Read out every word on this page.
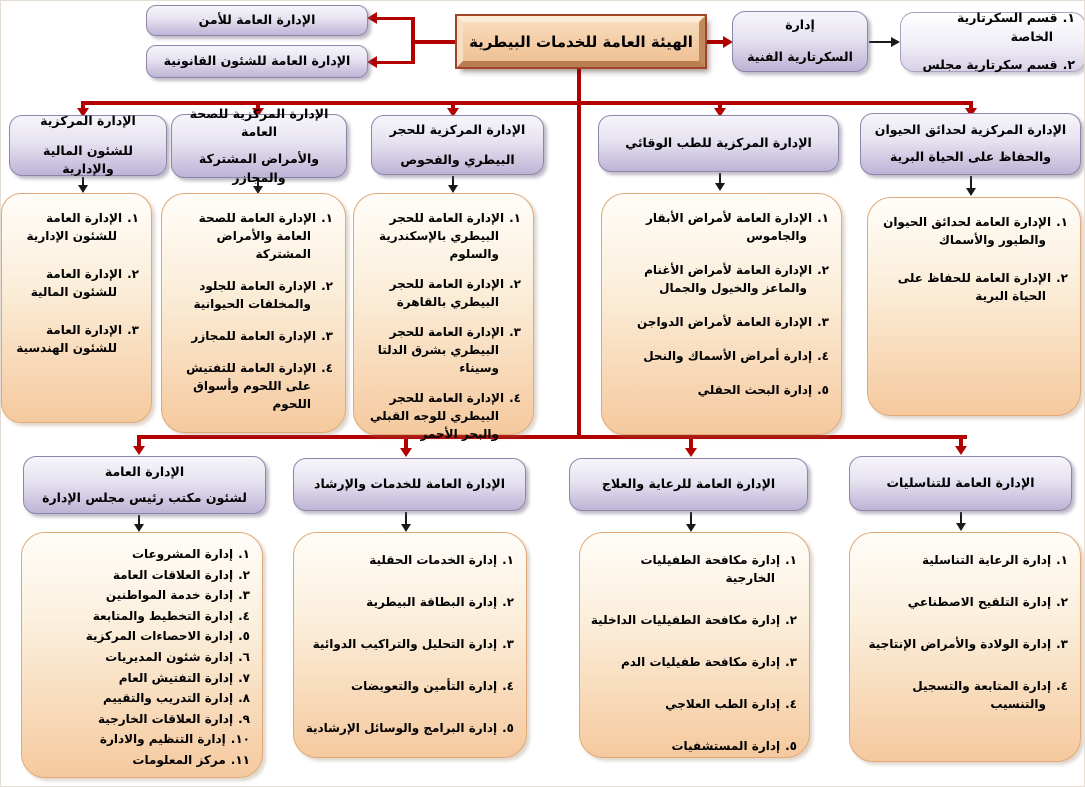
الإدارة العامة للأمن
الإدارة العامة للشئون القانونية
الهيئة العامة للخدمات البيطرية
إدارة
السكرتارية الفنية
١.قسم السكرتارية الخاصة
٢.قسم سكرتارية مجلس
الإدارة المركزية
للشئون المالية والإدارية
الإدارة المركزية للصحة العامة
والأمراض المشتركة والمجازر
الإدارة المركزية للحجر
البيطري والفحوص
الإدارة المركزية للطب الوقائي
الإدارة المركزية لحدائق الحيوان
والحفاظ على الحياة البرية
١.الإدارة العامة للشئون الإدارية
٢.الإدارة العامة للشئون المالية
٣.الإدارة العامة للشئون الهندسية
١.الإدارة العامة للصحة العامة والأمراض المشتركة
٢.الإدارة العامة للجلود والمخلفات الحيوانية
٣.الإدارة العامة للمجازر
٤.الإدارة العامة للتفتيش على اللحوم وأسواق اللحوم
١.الإدارة العامة للحجر البيطري بالإسكندرية والسلوم
٢.الإدارة العامة للحجر البيطري بالقاهرة
٣.الإدارة العامة للحجر البيطري بشرق الدلتا وسيناء
٤.الإدارة العامة للحجر البيطري للوجه القبلي والبحر الأحمر
١.الإدارة العامة لأمراض الأبقار والجاموس
٢.الإدارة العامة لأمراض الأغنام والماعز والخيول والجمال
٣.الإدارة العامة لأمراض الدواجن
٤.إدارة أمراض الأسماك والنحل
٥.إدارة البحث الحقلي
١.الإدارة العامة لحدائق الحيوان والطيور والأسماك
٢.الإدارة العامة للحفاظ على الحياة البرية
الإدارة العامة
لشئون مكتب رئيس مجلس الإدارة
الإدارة العامة للخدمات والإرشاد	الإدارة العامة للرعاية والعلاج	الإدارة العامة للتناسليات
١.إدارة المشروعات
٢.إدارة العلاقات العامة
٣.إدارة خدمة المواطنين
٤.إدارة التخطيط والمتابعة
٥.إدارة الاحصاءات المركزية
٦.إدارة شئون المديريات
٧.إدارة التفتيش العام
٨.إدارة التدريب والتقييم
٩.إدارة العلاقات الخارجية
١٠.إدارة التنظيم والادارة
١١.مركز المعلومات
١.إدارة الخدمات الحقلية
٢.إدارة البطاقة البيطرية
٣.إدارة التحليل والتراكيب الدوائية
٤.إدارة التأمين والتعويضات
٥.إدارة البرامج والوسائل الإرشادية
١.إدارة مكافحة الطفيليات الخارجية
٢.إدارة مكافحة الطفيليات الداخلية
٣.إدارة مكافحة طفيليات الدم
٤.إدارة الطب العلاجي
٥.إدارة المستشفيات
١.إدارة الرعاية التناسلية
٢.إدارة التلقيح الاصطناعي
٣.إدارة الولادة والأمراض الإنتاجية
٤.إدارة المتابعة والتسجيل والتنسيب
